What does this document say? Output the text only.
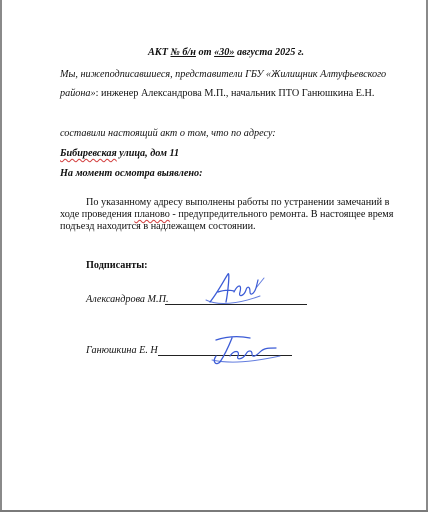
АКТ № б/н от «30» августа 2025 г.
Мы, нижеподписавшиеся, представители ГБУ «Жилищник Алтуфьевского
района»: инженер Александрова М.П., начальник ПТО Ганюшкина Е.Н.
составили настоящий акт о том, что по адресу:
Бибиревская улица, дом 11
На момент осмотра выявлено:
По указанному адресу выполнены работы по устранении замечаний в
ходе проведения планово - предупредительного ремонта. В настоящее время
подъезд находится в надлежащем состоянии.
Подписанты:
Александрова М.П.
Ганюшкина Е. Н
